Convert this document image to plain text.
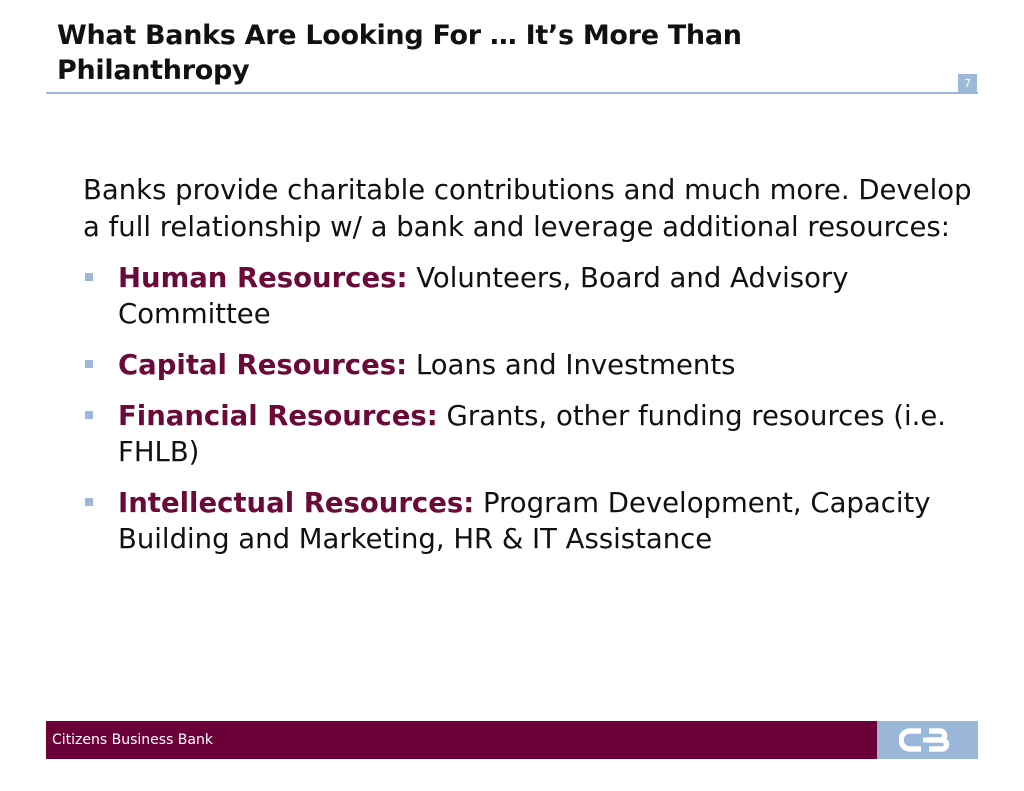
What Banks Are Looking For … It’s More Than Philanthropy	7

Banks provide charitable contributions and much more. Develop a full relationship w/ a bank and leverage additional resources:

Human Resources: Volunteers, Board and Advisory Committee
Capital Resources: Loans and Investments
Financial Resources: Grants, other funding resources (i.e. FHLB)
Intellectual Resources: Program Development, Capacity Building and Marketing, HR & IT Assistance
Citizens Business Bank
